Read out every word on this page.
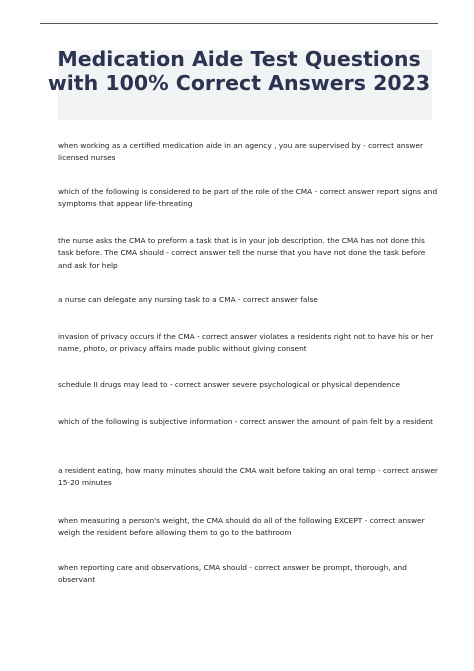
Medication Aide Test Questions with 100% Correct Answers 2023

when working as a certified medication aide in an agency , you are supervised by - correct answer licensed nurses

which of the following is considered to be part of the role of the CMA - correct answer report signs and symptoms that appear life-threating

the nurse asks the CMA to preform a task that is in your job description. the CMA has not done this task before. The CMA should - correct answer tell the nurse that you have not done the task before and ask for help

a nurse can delegate any nursing task to a CMA - correct answer false

invasion of privacy occurs if the CMA - correct answer violates a residents right not to have his or her name, photo, or privacy affairs made public without giving consent

schedule II drugs may lead to - correct answer severe psychological or physical dependence

which of the following is subjective information - correct answer the amount of pain felt by a resident

a resident eating, how many minutes should the CMA wait before taking an oral temp - correct answer 15-20 minutes

when measuring a person's weight, the CMA should do all of the following EXCEPT - correct answer weigh the resident before allowing them to go to the bathroom

when reporting care and observations, CMA should - correct answer be prompt, thorough, and observant
